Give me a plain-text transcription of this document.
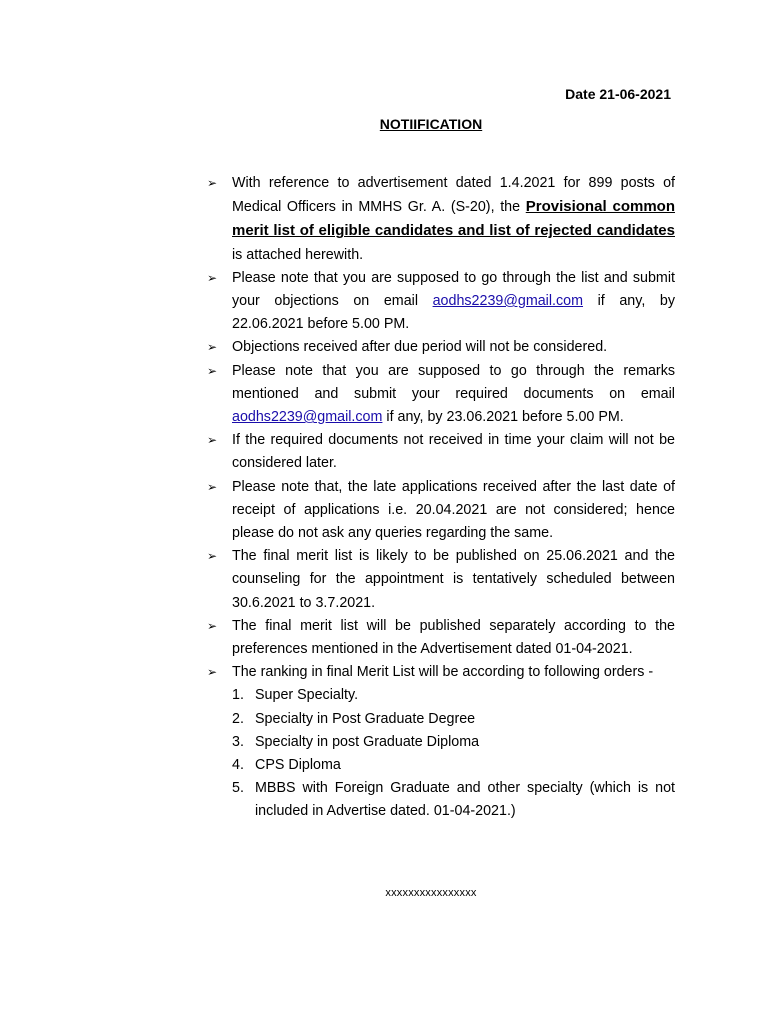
Date 21-06-2021
NOTIIFICATION
➢ With reference to advertisement dated 1.4.2021 for 899 posts of Medical Officers in MMHS Gr. A. (S-20), the Provisional common merit list of eligible candidates and list of rejected candidates is attached herewith.
➢ Please note that you are supposed to go through the list and submit your objections on email aodhs2239@gmail.com if any, by 22.06.2021 before 5.00 PM.
➢ Objections received after due period will not be considered.
➢ Please note that you are supposed to go through the remarks mentioned and submit your required documents on email aodhs2239@gmail.com if any, by 23.06.2021 before 5.00 PM.
➢ If the required documents not received in time your claim will not be considered later.
➢ Please note that, the late applications received after the last date of receipt of applications i.e. 20.04.2021 are not considered; hence please do not ask any queries regarding the same.
➢ The final merit list is likely to be published on 25.06.2021 and the counseling for the appointment is tentatively scheduled between 30.6.2021 to 3.7.2021.
➢ The final merit list will be published separately according to the preferences mentioned in the Advertisement dated 01-04-2021.
➢ The ranking in final Merit List will be according to following orders -
1. Super Specialty.
2. Specialty in Post Graduate Degree
3. Specialty in post Graduate Diploma
4. CPS Diploma
5. MBBS with Foreign Graduate and other specialty (which is not included in Advertise dated. 01-04-2021.)
xxxxxxxxxxxxxxxx
